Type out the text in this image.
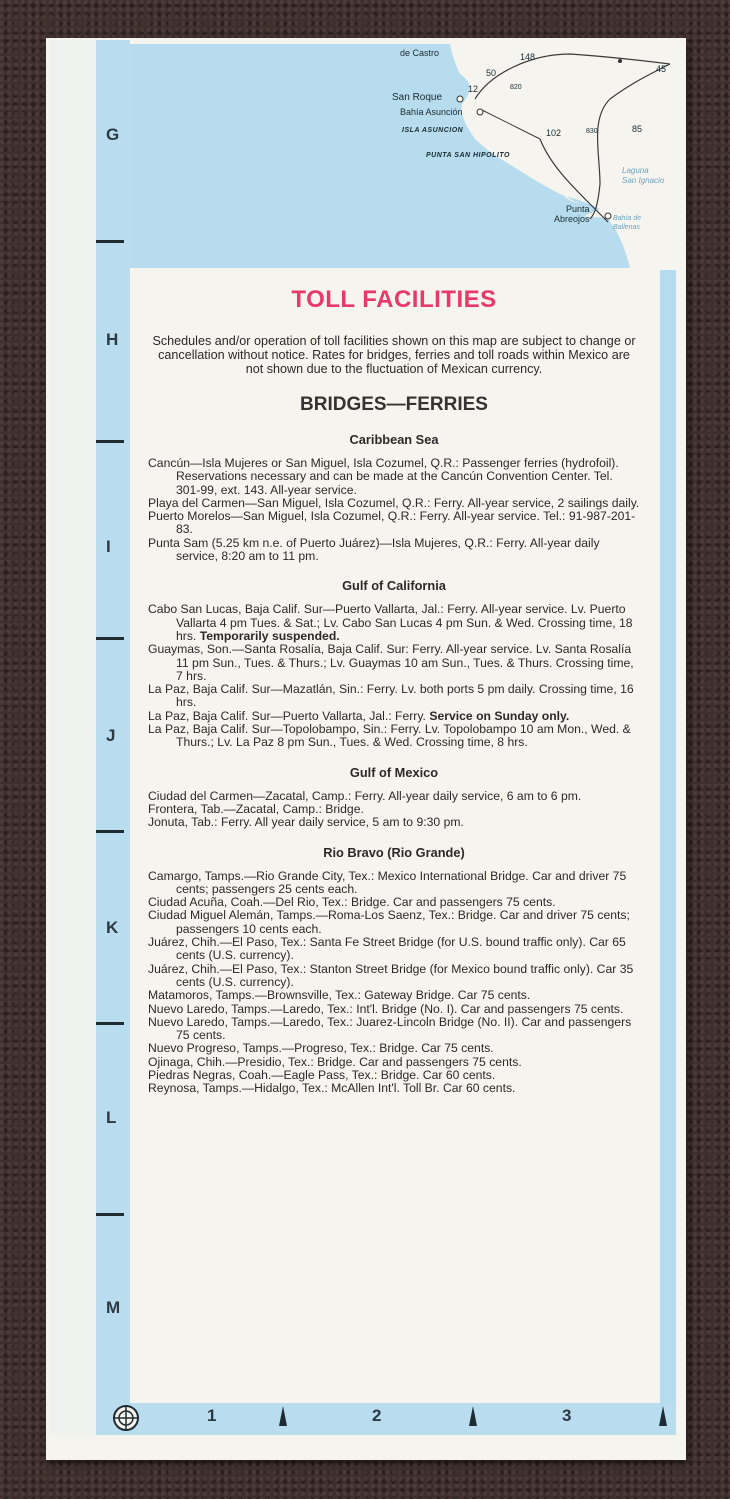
G
H
I
J
K
L
M
1	2	3
de Castro
San Roque
Bahía Asunción
ISLA ASUNCION
PUNTA SAN HIPOLITO
Punta
Abreojos
Laguna
San Ignacio
Bahía de
Ballenas
148
50
12
45
102	85
820
830
TOLL FACILITIES

Schedules and/or operation of toll facilities shown on this map are subject to change or cancellation without notice. Rates for bridges, ferries and toll roads within Mexico are not shown due to the fluctuation of Mexican currency.

BRIDGES—FERRIES
Caribbean Sea

Cancún—Isla Mujeres or San Miguel, Isla Cozumel, Q.R.: Passenger ferries (hydrofoil). Reservations necessary and can be made at the Cancún Convention Center. Tel. 301-99, ext. 143. All-year service.

Playa del Carmen—San Miguel, Isla Cozumel, Q.R.: Ferry. All-year service, 2 sailings daily.

Puerto Morelos—San Miguel, Isla Cozumel, Q.R.: Ferry. All-year service. Tel.: 91-987-201-83.

Punta Sam (5.25 km n.e. of Puerto Juárez)—Isla Mujeres, Q.R.: Ferry. All-year daily service, 8:20 am to 11 pm.

Gulf of California

Cabo San Lucas, Baja Calif. Sur—Puerto Vallarta, Jal.: Ferry. All-year service. Lv. Puerto Vallarta 4 pm Tues. & Sat.; Lv. Cabo San Lucas 4 pm Sun. & Wed. Crossing time, 18 hrs. Temporarily suspended.

Guaymas, Son.—Santa Rosalía, Baja Calif. Sur: Ferry. All-year service. Lv. Santa Rosalía 11 pm Sun., Tues. & Thurs.; Lv. Guaymas 10 am Sun., Tues. & Thurs. Crossing time, 7 hrs.

La Paz, Baja Calif. Sur—Mazatlán, Sin.: Ferry. Lv. both ports 5 pm daily. Crossing time, 16 hrs.

La Paz, Baja Calif. Sur—Puerto Vallarta, Jal.: Ferry. Service on Sunday only.

La Paz, Baja Calif. Sur—Topolobampo, Sin.: Ferry. Lv. Topolobampo 10 am Mon., Wed. & Thurs.; Lv. La Paz 8 pm Sun., Tues. & Wed. Crossing time, 8 hrs.

Gulf of Mexico

Ciudad del Carmen—Zacatal, Camp.: Ferry. All-year daily service, 6 am to 6 pm.

Frontera, Tab.—Zacatal, Camp.: Bridge.

Jonuta, Tab.: Ferry. All year daily service, 5 am to 9:30 pm.

Rio Bravo (Rio Grande)

Camargo, Tamps.—Rio Grande City, Tex.: Mexico International Bridge. Car and driver 75 cents; passengers 25 cents each.

Ciudad Acuña, Coah.—Del Rio, Tex.: Bridge. Car and passengers 75 cents.

Ciudad Miguel Alemán, Tamps.—Roma-Los Saenz, Tex.: Bridge. Car and driver 75 cents; passengers 10 cents each.

Juárez, Chih.—El Paso, Tex.: Santa Fe Street Bridge (for U.S. bound traffic only). Car 65 cents (U.S. currency).

Juárez, Chih.—El Paso, Tex.: Stanton Street Bridge (for Mexico bound traffic only). Car 35 cents (U.S. currency).

Matamoros, Tamps.—Brownsville, Tex.: Gateway Bridge. Car 75 cents.

Nuevo Laredo, Tamps.—Laredo, Tex.: Int'l. Bridge (No. I). Car and passengers 75 cents.

Nuevo Laredo, Tamps.—Laredo, Tex.: Juarez-Lincoln Bridge (No. II). Car and passengers 75 cents.

Nuevo Progreso, Tamps.—Progreso, Tex.: Bridge. Car 75 cents.

Ojinaga, Chih.—Presidio, Tex.: Bridge. Car and passengers 75 cents.

Piedras Negras, Coah.—Eagle Pass, Tex.: Bridge. Car 60 cents.

Reynosa, Tamps.—Hidalgo, Tex.: McAllen Int'l. Toll Br. Car 60 cents.
